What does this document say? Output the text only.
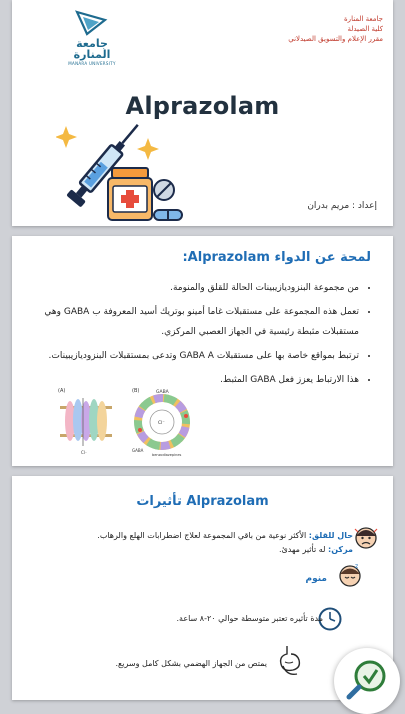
جامعة المنارة
MANARA UNIVERSITY
جامعة المنارة
كلية الصيدلة
مقرر الإعلام والتسويق الصيدلاني
Alprazolam
إعداد : مريم بدران
لمحة عن الدواء Alprazolam:
• من مجموعة البنزوديازيبينات الحالة للقلق والمنومة.
• تعمل هذه المجموعة على مستقبلات غاما أمينو بوتريك أسيد المعروفة ب GABA وهي مستقبلات مثبطة رئيسية في الجهاز العصبي المركزي.
• ترتبط بمواقع خاصة بها على مستقبلات GABA A وتدعى بمستقبلات البنزوديازيبينات.
• هذا الارتباط يعزز فعل GABA المثبط.
(A)
Cl⁻
(B)	GABA
Cl⁻
GABA
benzodiazepines
تأثيرات Alprazolam
حال للقلق: الأكثر نوعية من باقي المجموعة لعلاج اضطرابات الهلع والرهاب.
مركن: له تأثير مهدئ.
z
منوم
مدة تأثيره تعتبر متوسطة حوالي ٢٠-٨ ساعة.
يمتص من الجهاز الهضمي بشكل كامل وسريع.
